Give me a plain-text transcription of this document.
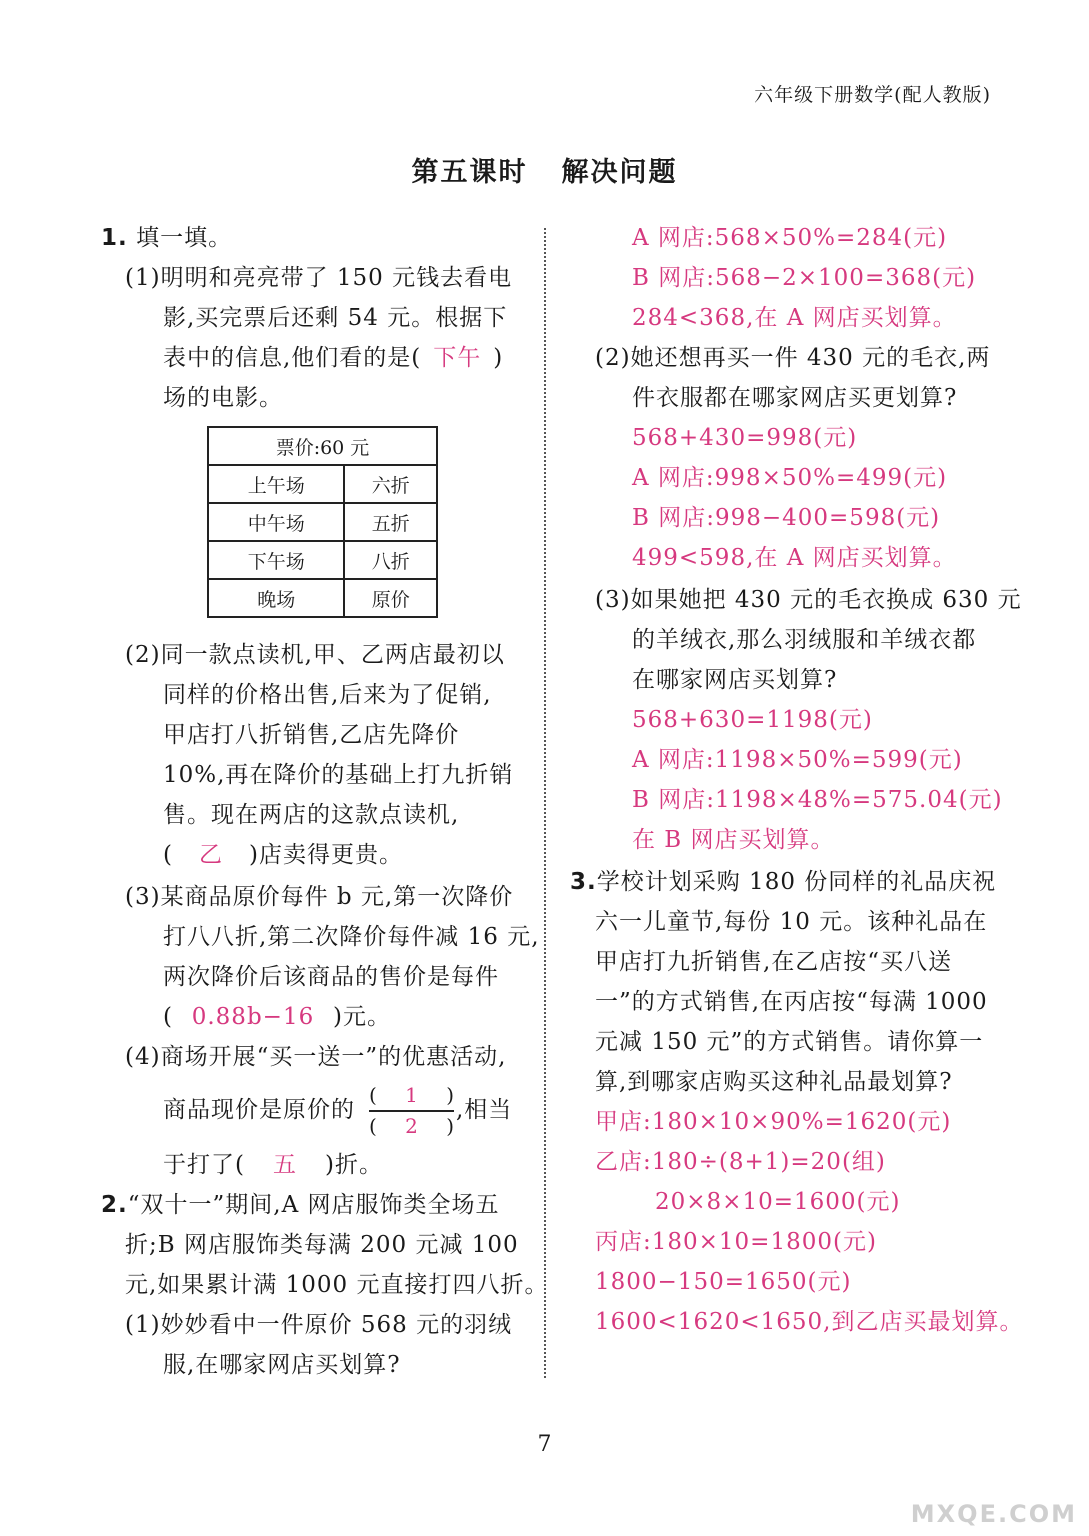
六年级下册数学(配人教版)
第五课时 解决问题
1. 填一填。
(1)明明和亮亮带了 150 元钱去看电
影,买完票后还剩 54 元。根据下
表中的信息,他们看的是( 下午 )
场的电影。
票价:60 元	
上午场	六折
中午场	五折
下午场	八折
晚场	原价
(2)同一款点读机,甲、乙两店最初以
同样的价格出售,后来为了促销,
甲店打八折销售,乙店先降价
10%,再在降价的基础上打九折销
售。现在两店的这款点读机,
( 乙 )店卖得更贵。
(3)某商品原价每件 b 元,第一次降价
打八八折,第二次降价每件减 16 元,
两次降价后该商品的售价是每件
( 0.88b−16 )元。
(4)商场开展“买一送一”的优惠活动,
商品现价是原价的
( 1 )
( 2 )
,相当
于打了( 五 )折。
2.“双十一”期间,A 网店服饰类全场五
折;B 网店服饰类每满 200 元减 100
元,如果累计满 1000 元直接打四八折。
(1)妙妙看中一件原价 568 元的羽绒
服,在哪家网店买划算?
A 网店:568×50%=284(元)
B 网店:568−2×100=368(元)
284<368,在 A 网店买划算。
(2)她还想再买一件 430 元的毛衣,两
件衣服都在哪家网店买更划算?
568+430=998(元)
A 网店:998×50%=499(元)
B 网店:998−400=598(元)
499<598,在 A 网店买划算。
(3)如果她把 430 元的毛衣换成 630 元
的羊绒衣,那么羽绒服和羊绒衣都
在哪家网店买划算?
568+630=1198(元)
A 网店:1198×50%=599(元)
B 网店:1198×48%=575.04(元)
在 B 网店买划算。
3.学校计划采购 180 份同样的礼品庆祝
六一儿童节,每份 10 元。该种礼品在
甲店打九折销售,在乙店按“买八送
一”的方式销售,在丙店按“每满 1000
元减 150 元”的方式销售。请你算一
算,到哪家店购买这种礼品最划算?
甲店:180×10×90%=1620(元)
乙店:180÷(8+1)=20(组)
20×8×10=1600(元)
丙店:180×10=1800(元)
1800−150=1650(元)
1600<1620<1650,到乙店买最划算。
7
MXQE.COM
